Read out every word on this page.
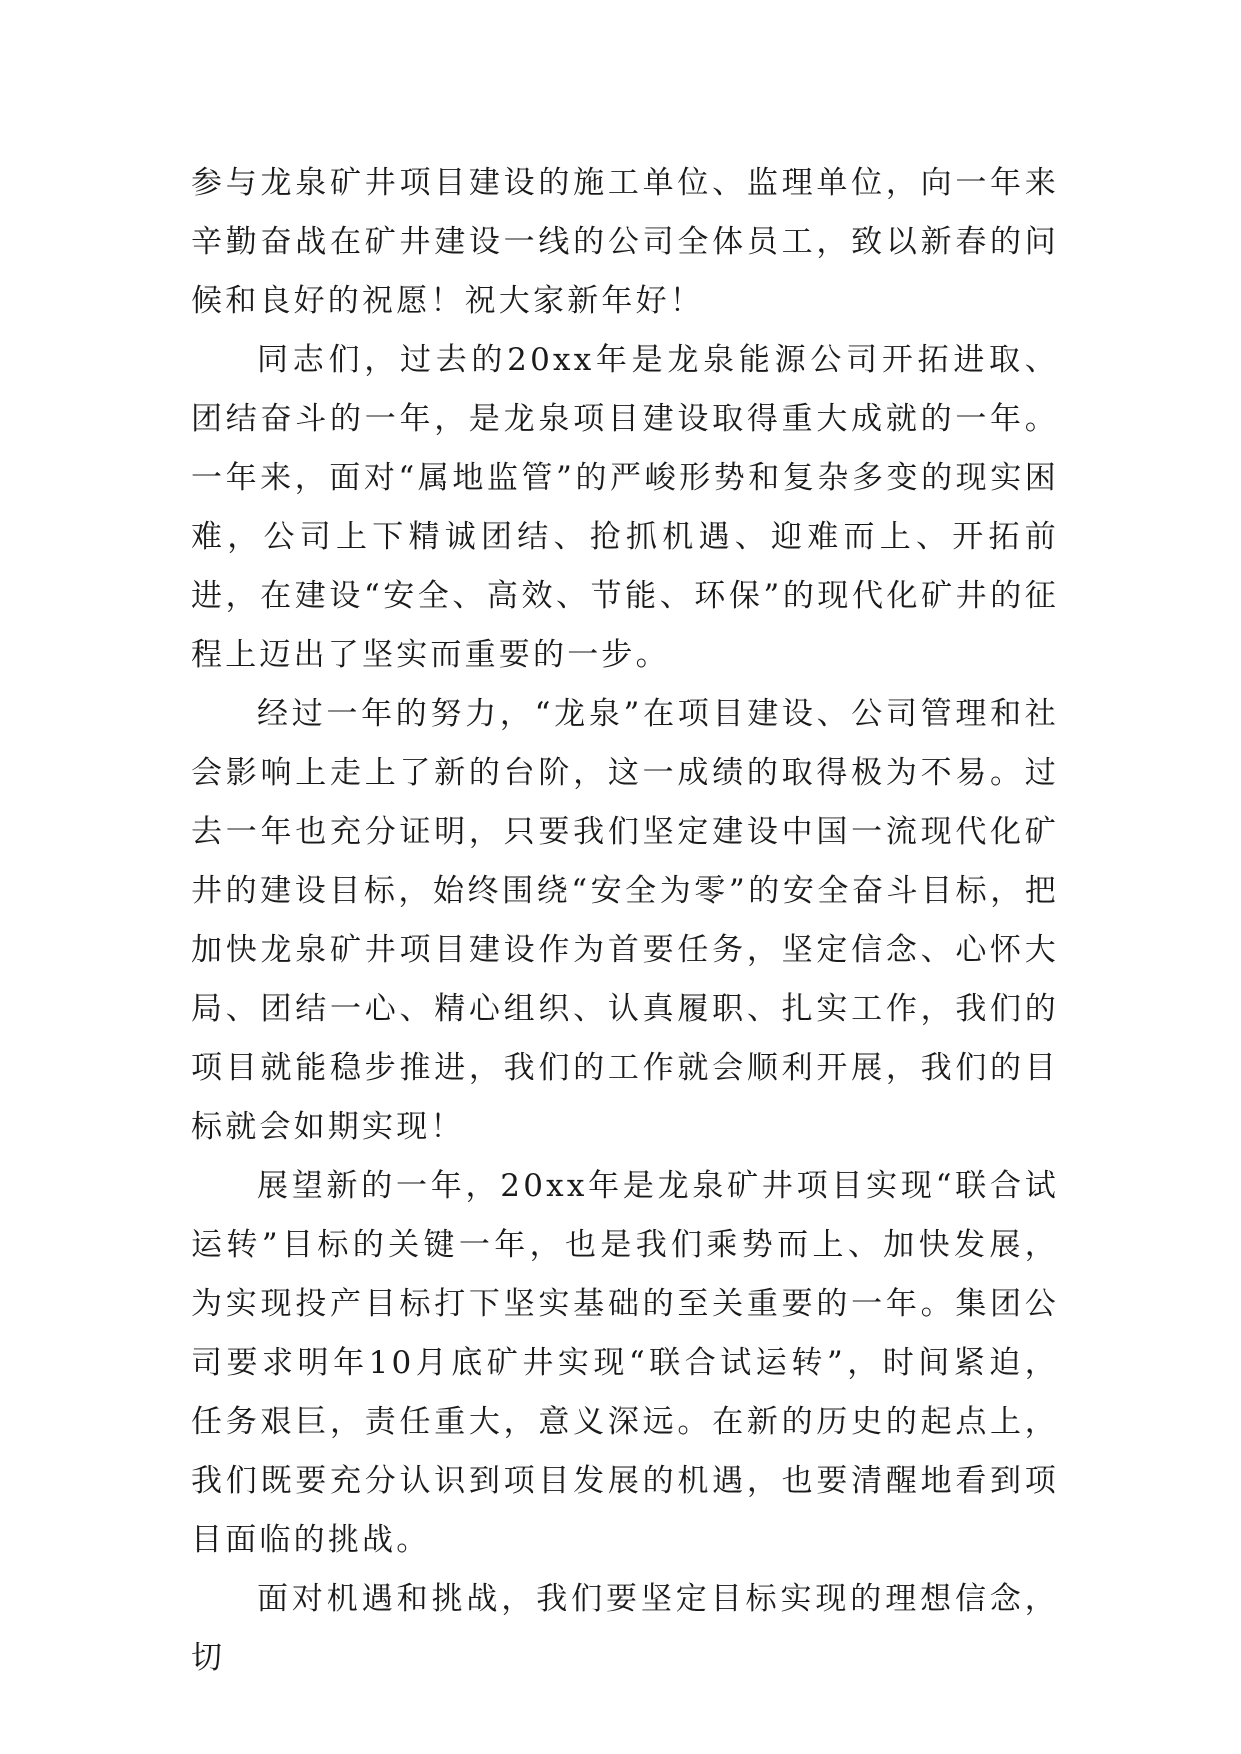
参与龙泉矿井项目建设的施工单位、监理单位，向一年来辛勤奋战在矿井建设一线的公司全体员工，致以新春的问候和良好的祝愿！祝大家新年好！

同志们，过去的20xx年是龙泉能源公司开拓进取、团结奋斗的一年，是龙泉项目建设取得重大成就的一年。一年来，面对“属地监管”的严峻形势和复杂多变的现实困难，公司上下精诚团结、抢抓机遇、迎难而上、开拓前进，在建设“安全、高效、节能、环保”的现代化矿井的征程上迈出了坚实而重要的一步。

经过一年的努力，“龙泉”在项目建设、公司管理和社会影响上走上了新的台阶，这一成绩的取得极为不易。过去一年也充分证明，只要我们坚定建设中国一流现代化矿井的建设目标，始终围绕“安全为零”的安全奋斗目标，把加快龙泉矿井项目建设作为首要任务，坚定信念、心怀大局、团结一心、精心组织、认真履职、扎实工作，我们的项目就能稳步推进，我们的工作就会顺利开展，我们的目标就会如期实现！

展望新的一年，20xx年是龙泉矿井项目实现“联合试运转”目标的关键一年，也是我们乘势而上、加快发展，为实现投产目标打下坚实基础的至关重要的一年。集团公司要求明年10月底矿井实现“联合试运转”，时间紧迫，任务艰巨，责任重大，意义深远。在新的历史的起点上，我们既要充分认识到项目发展的机遇，也要清醒地看到项目面临的挑战。

面对机遇和挑战，我们要坚定目标实现的理想信念，切
